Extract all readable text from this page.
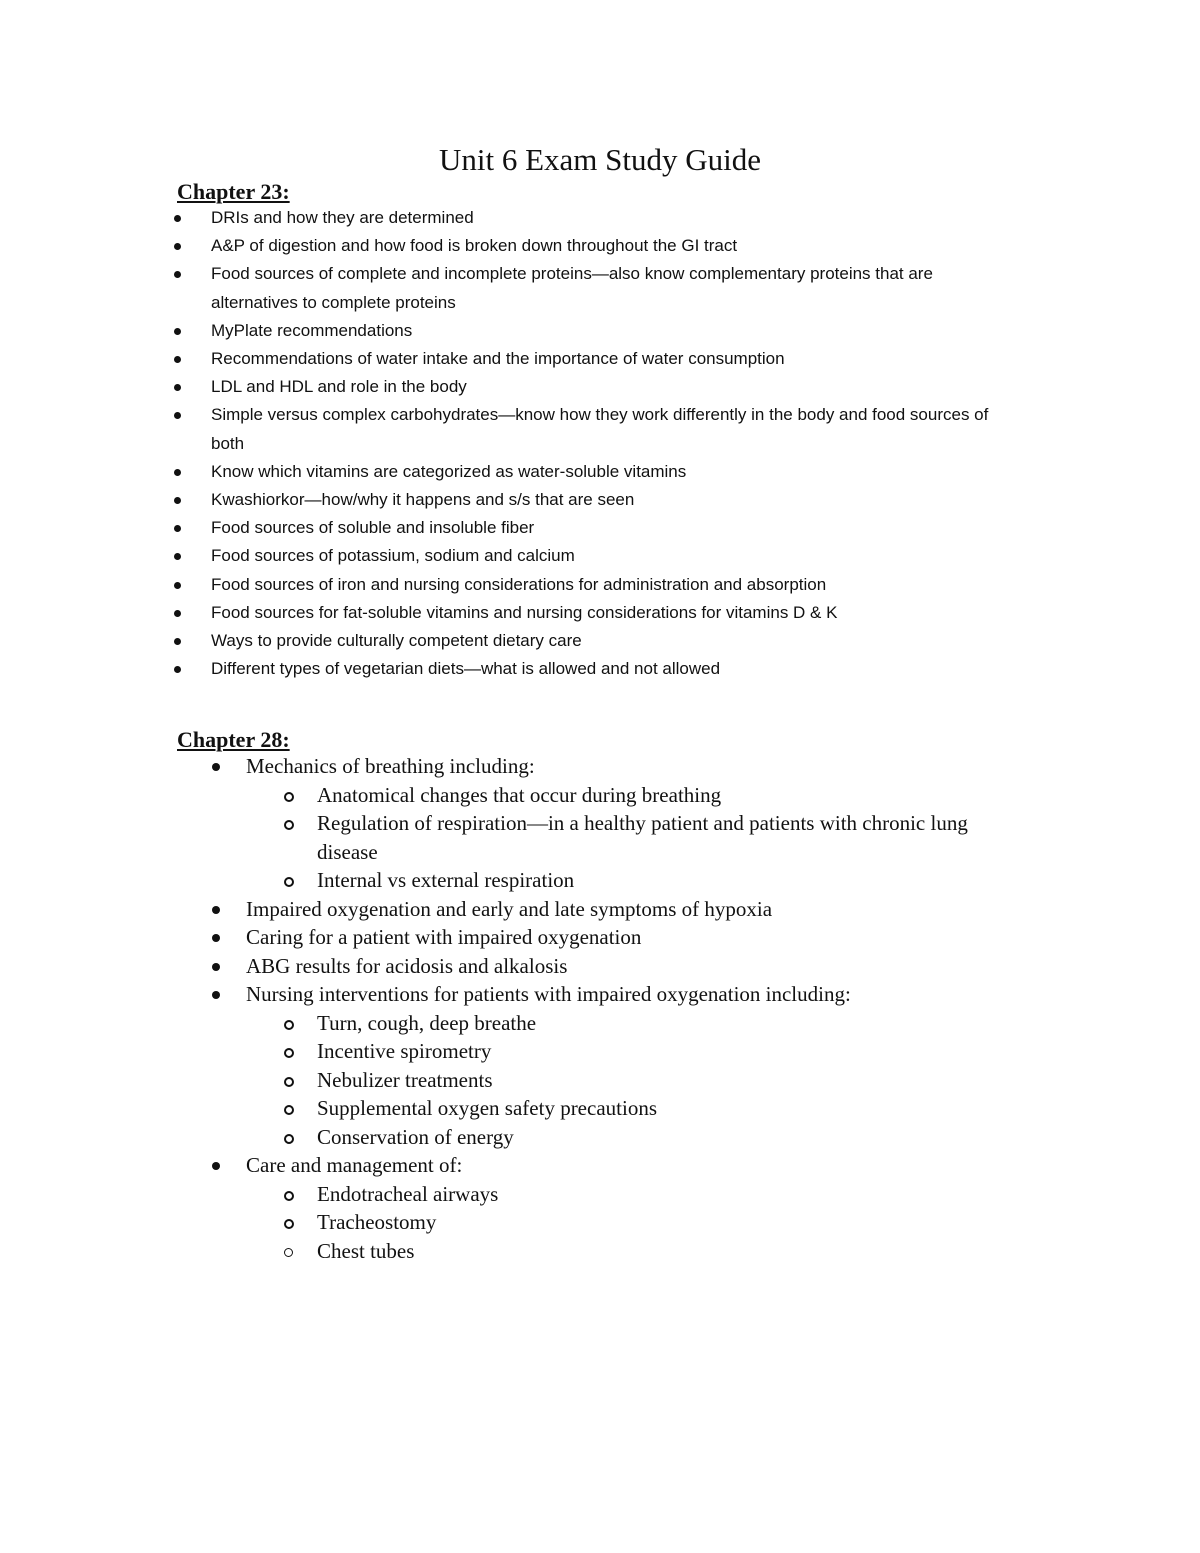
Unit 6 Exam Study Guide
Chapter 23:
DRIs and how they are determined
A&P of digestion and how food is broken down throughout the GI tract
Food sources of complete and incomplete proteins—also know complementary proteins that are alternatives to complete proteins
MyPlate recommendations
Recommendations of water intake and the importance of water consumption
LDL and HDL and role in the body
Simple versus complex carbohydrates—know how they work differently in the body and food sources of both
Know which vitamins are categorized as water-soluble vitamins
Kwashiorkor—how/why it happens and s/s that are seen
Food sources of soluble and insoluble fiber
Food sources of potassium, sodium and calcium
Food sources of iron and nursing considerations for administration and absorption
Food sources for fat-soluble vitamins and nursing considerations for vitamins D & K
Ways to provide culturally competent dietary care
Different types of vegetarian diets—what is allowed and not allowed
Chapter 28:
Mechanics of breathing including:
Anatomical changes that occur during breathing
Regulation of respiration—in a healthy patient and patients with chronic lung disease
Internal vs external respiration
Impaired oxygenation and early and late symptoms of hypoxia
Caring for a patient with impaired oxygenation
ABG results for acidosis and alkalosis
Nursing interventions for patients with impaired oxygenation including:
Turn, cough, deep breathe
Incentive spirometry
Nebulizer treatments
Supplemental oxygen safety precautions
Conservation of energy
Care and management of:
Endotracheal airways
Tracheostomy
Chest tubes
